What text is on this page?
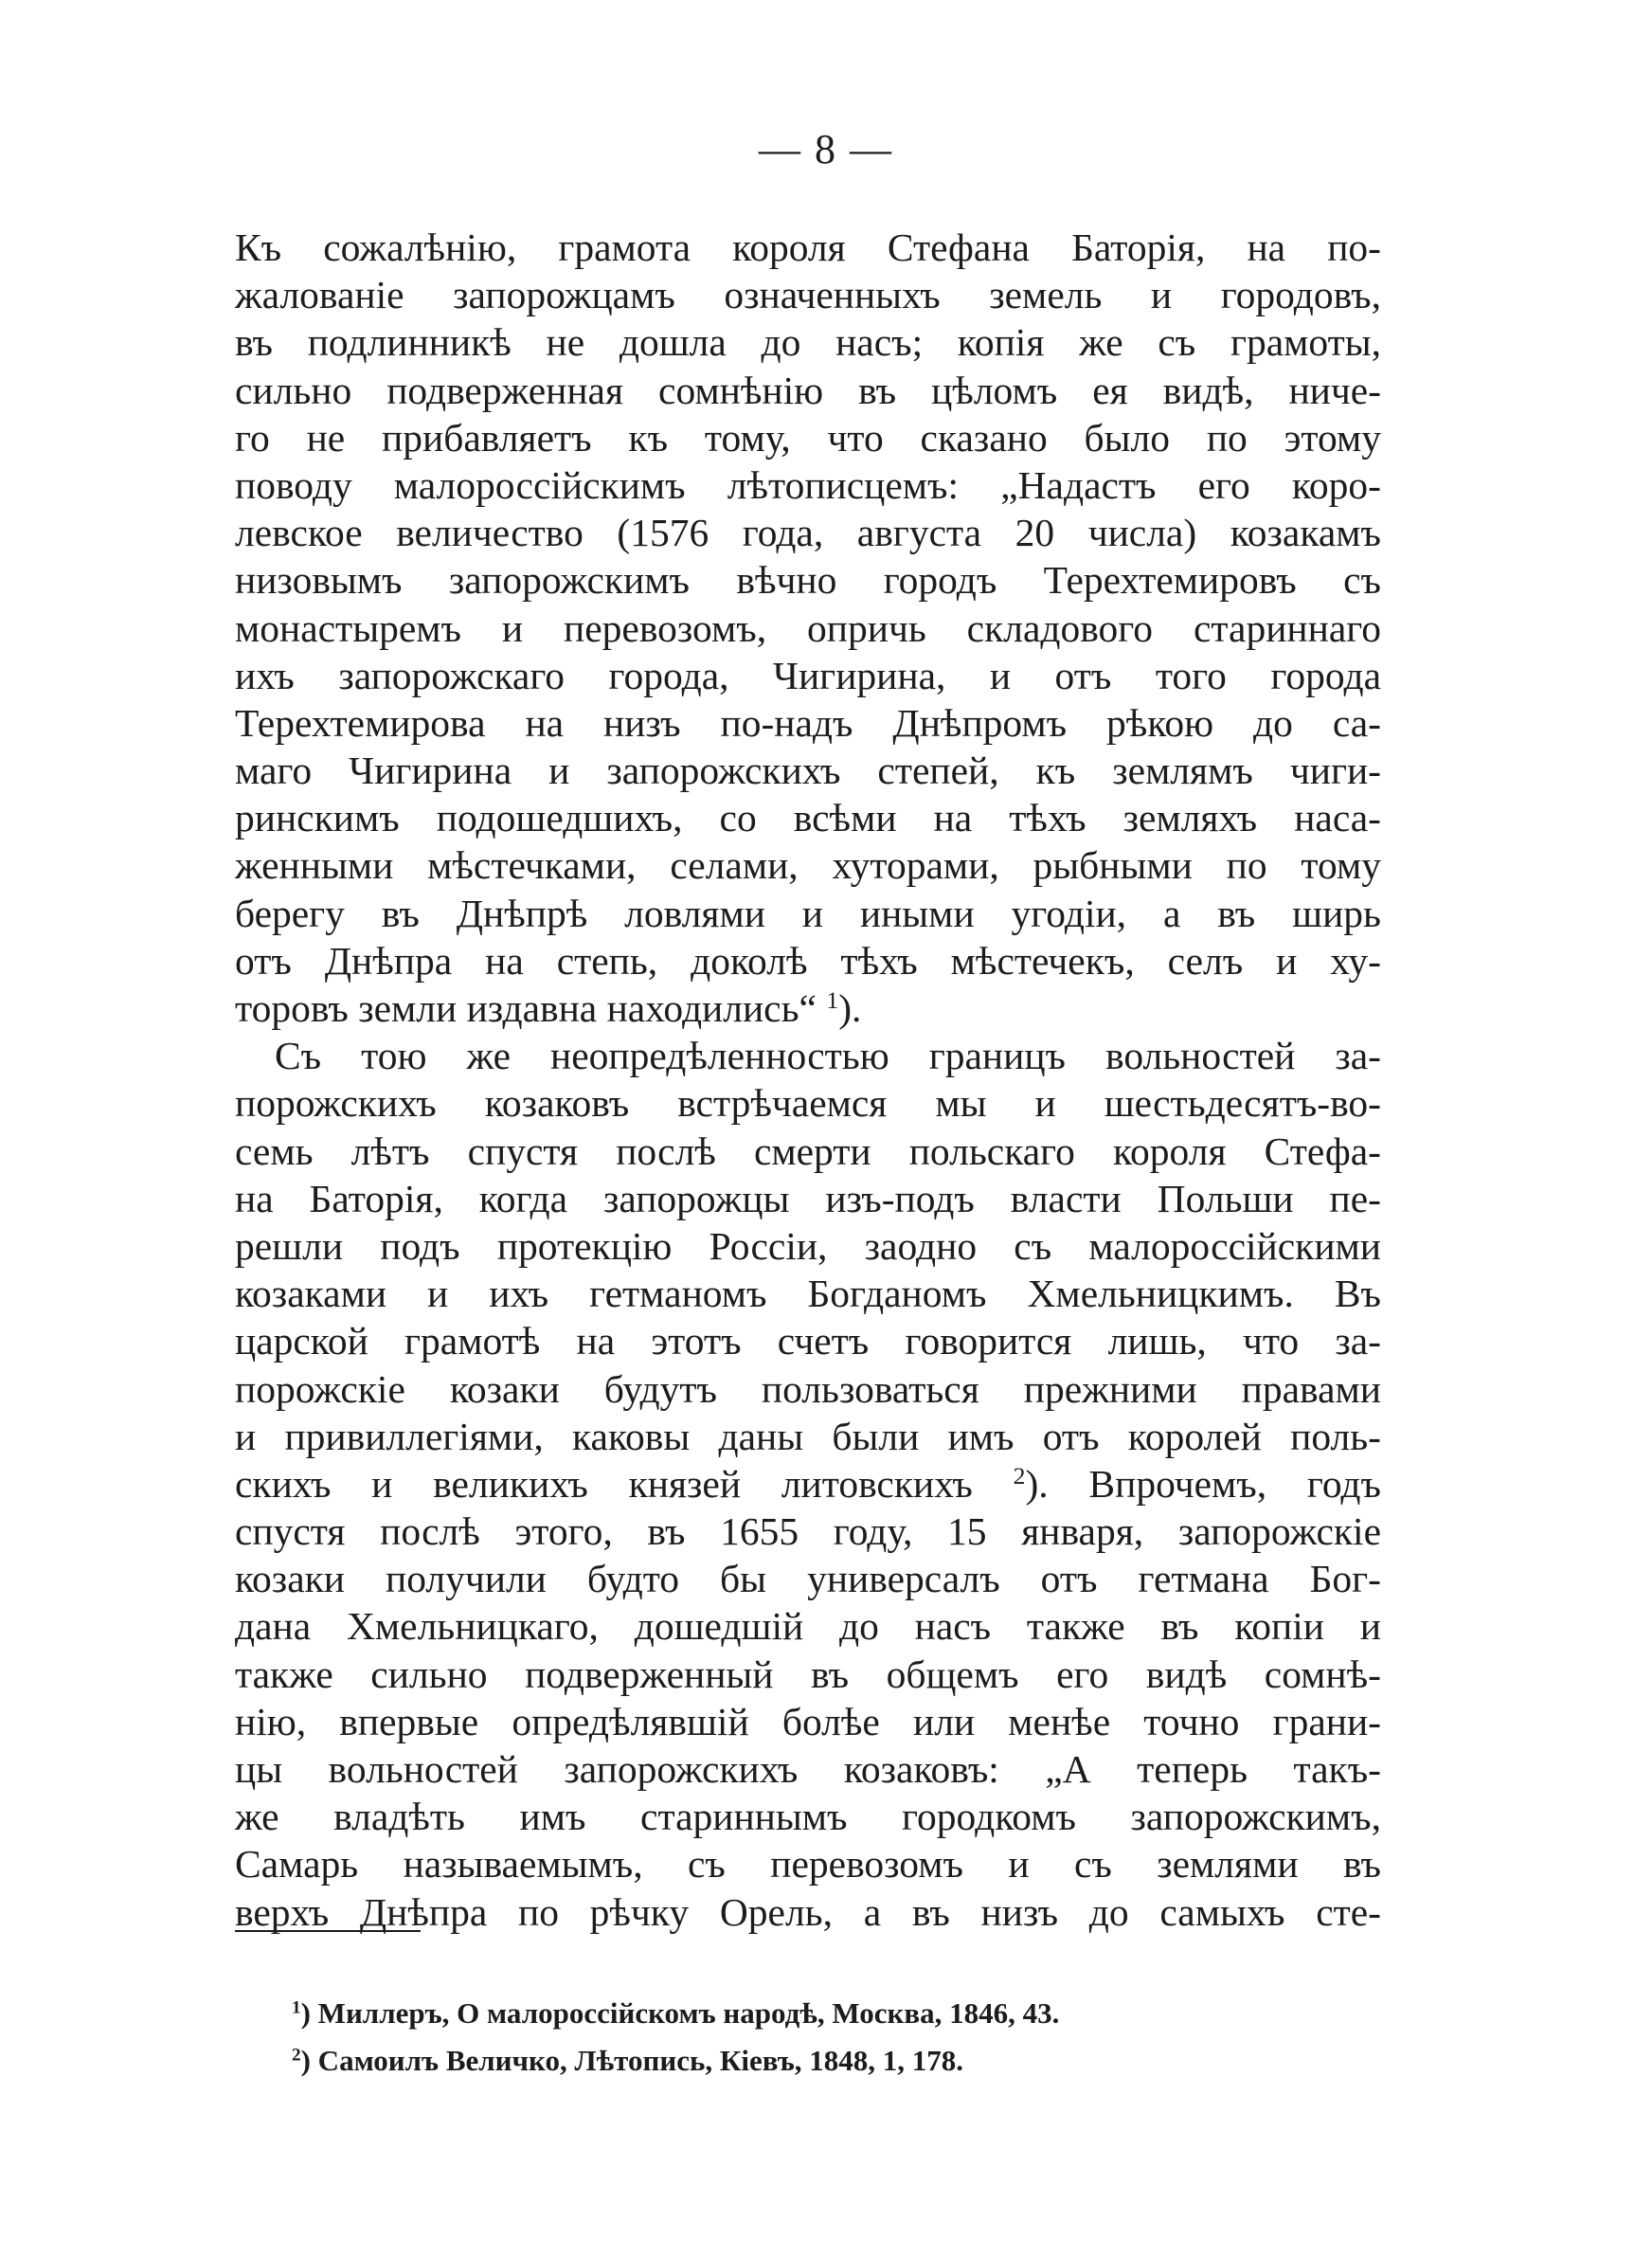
— 8 —
Къ сожалѣнію, грамота короля Стефана Баторія, на по-
жалованіе запорожцамъ означенныхъ земель и городовъ,
въ подлинникѣ не дошла до насъ; копія же съ грамоты,
сильно подверженная сомнѣнію въ цѣломъ ея видѣ, ниче-
го не прибавляетъ къ тому, что сказано было по этому
поводу малороссійскимъ лѣтописцемъ: „Надастъ его коро-
левское величество (1576 года, августа 20 числа) козакамъ
низовымъ запорожскимъ вѣчно городъ Терехтемировъ съ
монастыремъ и перевозомъ, опричь складового стариннаго
ихъ запорожскаго города, Чигирина, и отъ того города
Терехтемирова на низъ по-надъ Днѣпромъ рѣкою до са-
маго Чигирина и запорожскихъ степей, къ землямъ чиги-
ринскимъ подошедшихъ, со всѣми на тѣхъ земляхъ наса-
женными мѣстечками, селами, хуторами, рыбными по тому
берегу въ Днѣпрѣ ловлями и иными угодіи, а въ ширь
отъ Днѣпра на степь, доколѣ тѣхъ мѣстечекъ, селъ и ху-
торовъ земли издавна находились“ $^1$).
Съ тою же неопредѣленностью границъ вольностей за-
порожскихъ козаковъ встрѣчаемся мы и шестьдесятъ-во-
семь лѣтъ спустя послѣ смерти польскаго короля Стефа-
на Баторія, когда запорожцы изъ-подъ власти Польши пе-
решли подъ протекцію Россіи, заодно съ малороссійскими
козаками и ихъ гетманомъ Богданомъ Хмельницкимъ. Въ
царской грамотѣ на этотъ счетъ говорится лишь, что за-
порожскіе козаки будутъ пользоваться прежними правами
и привиллегіями, каковы даны были имъ отъ королей поль-
скихъ и великихъ князей литовскихъ $^2$). Впрочемъ, годъ
спустя послѣ этого, въ 1655 году, 15 января, запорожскіе
козаки получили будто бы универсалъ отъ гетмана Бог-
дана Хмельницкаго, дошедшій до насъ также въ копіи и
также сильно подверженный въ общемъ его видѣ сомнѣ-
нію, впервые опредѣлявшій болѣе или менѣе точно грани-
цы вольностей запорожскихъ козаковъ: „А теперь такъ-
же владѣть имъ стариннымъ городкомъ запорожскимъ,
Самарь называемымъ, съ перевозомъ и съ землями въ
верхъ Днѣпра по рѣчку Орель, а въ низъ до самыхъ сте-
$^1$) Миллеръ, О малороссійскомъ народѣ, Москва, 1846, 43.
$^2$) Самоилъ Величко, Лѣтопись, Кіевъ, 1848, 1, 178.
